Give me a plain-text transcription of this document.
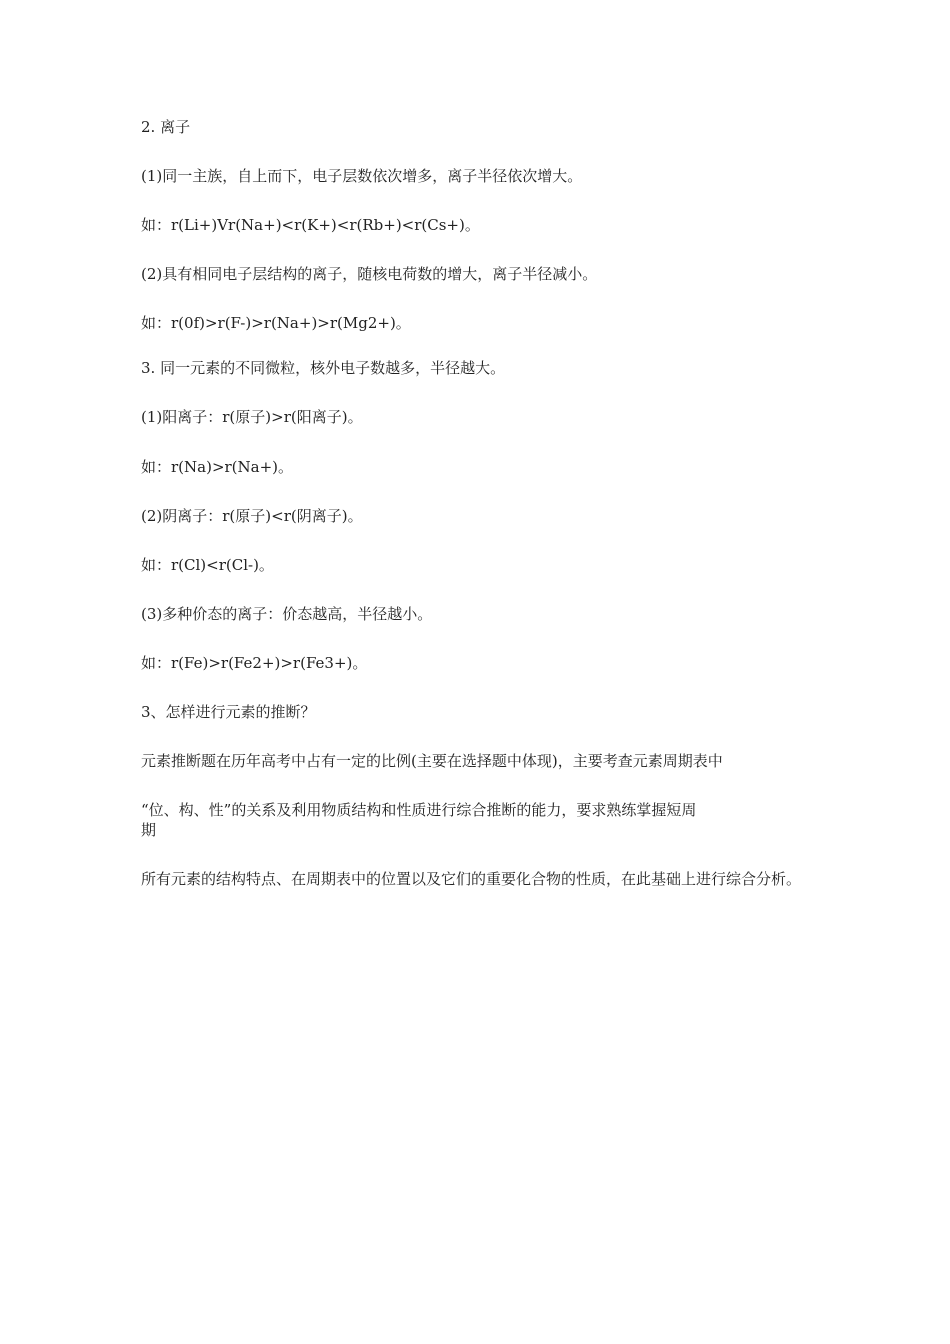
2. 离子

(1)同一主族，自上而下，电子层数依次增多，离子半径依次增大。

如：r(Li+)Vr(Na+)<r(K+)<r(Rb+)<r(Cs+)。

(2)具有相同电子层结构的离子，随核电荷数的增大，离子半径减小。

如：r(0f)>r(F-)>r(Na+)>r(Mg2+)。

3. 同一元素的不同微粒，核外电子数越多，半径越大。

(1)阳离子：r(原子)>r(阳离子)。

如：r(Na)>r(Na+)。

(2)阴离子：r(原子)<r(阴离子)。

如：r(Cl)<r(Cl-)。

(3)多种价态的离子：价态越高，半径越小。

如：r(Fe)>r(Fe2+)>r(Fe3+)。

3、怎样进行元素的推断？

元素推断题在历年高考中占有一定的比例(主要在选择题中体现)，主要考查元素周期表中

“位、构、性”的关系及利用物质结构和性质进行综合推断的能力，要求熟练掌握短周

期

所有元素的结构特点、在周期表中的位置以及它们的重要化合物的性质，在此基础上进行综合分析。
